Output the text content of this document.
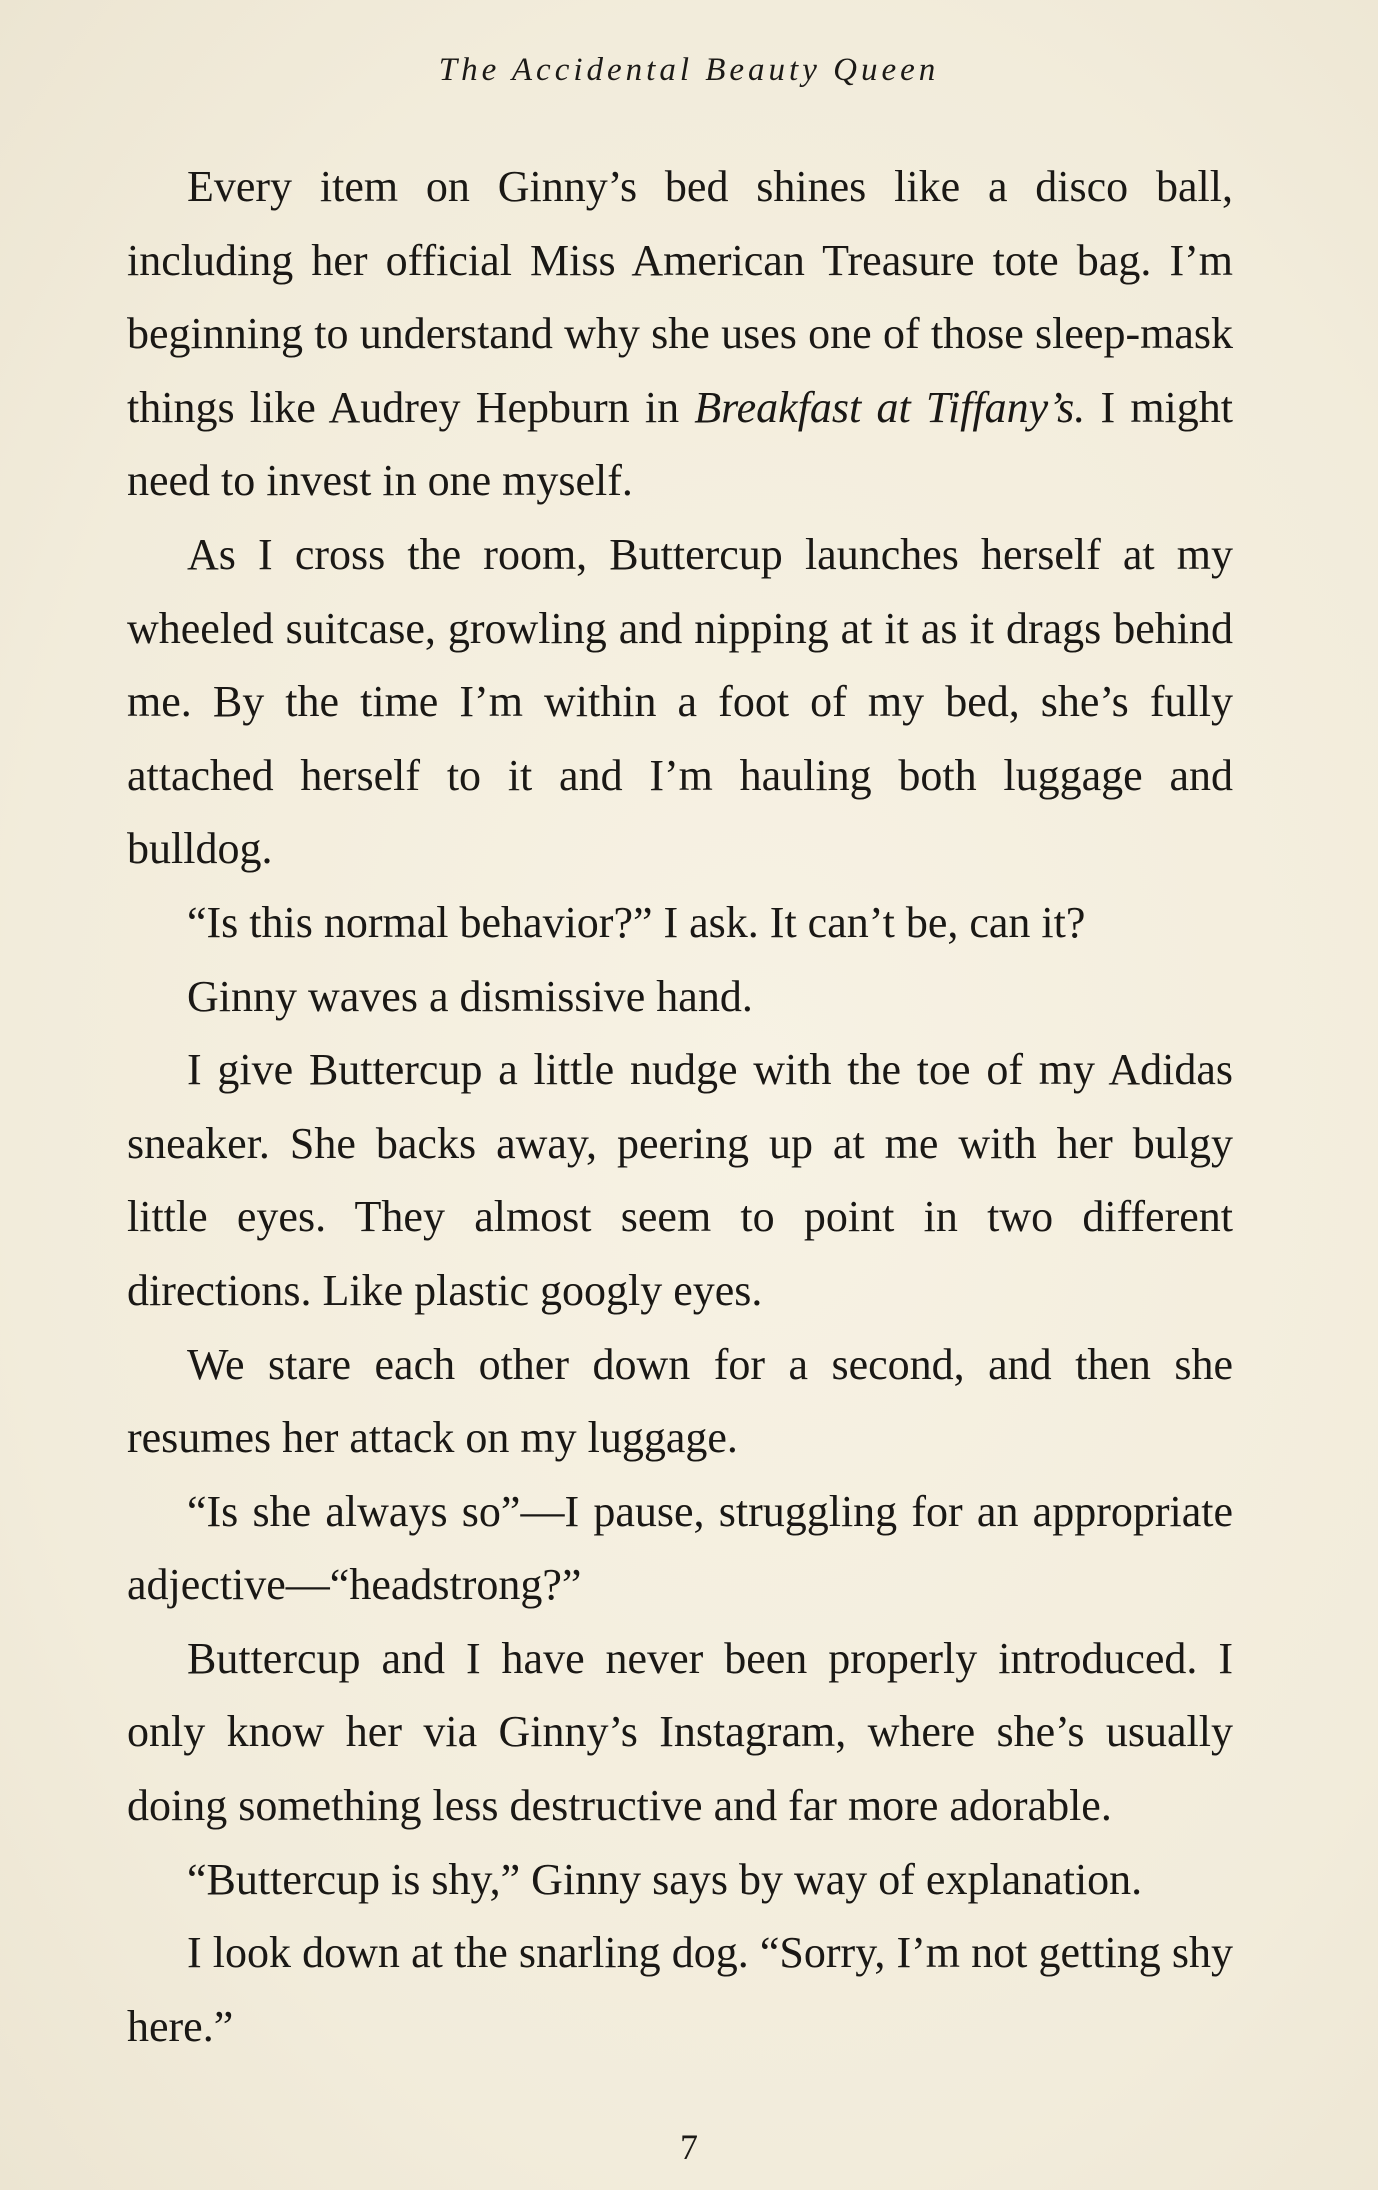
The Accidental Beauty Queen

Every item on Ginny’s bed shines like a disco ball, including her official Miss American Treasure tote bag. I’m beginning to understand why she uses one of those sleep-mask things like Audrey Hepburn in Breakfast at Tiffany’s. I might need to invest in one myself.

As I cross the room, Buttercup launches herself at my wheeled suitcase, growling and nipping at it as it drags behind me. By the time I’m within a foot of my bed, she’s fully attached herself to it and I’m hauling both luggage and bulldog.

“Is this normal behavior?” I ask. It can’t be, can it?

Ginny waves a dismissive hand.

I give Buttercup a little nudge with the toe of my Adidas sneaker. She backs away, peering up at me with her bulgy little eyes. They almost seem to point in two different directions. Like plastic googly eyes.

We stare each other down for a second, and then she resumes her attack on my luggage.

“Is she always so”—I pause, struggling for an appropriate adjective—“headstrong?”

Buttercup and I have never been properly introduced. I only know her via Ginny’s Instagram, where she’s usually doing something less destructive and far more adorable.

“Buttercup is shy,” Ginny says by way of explanation.

I look down at the snarling dog. “Sorry, I’m not getting shy here.”

7
